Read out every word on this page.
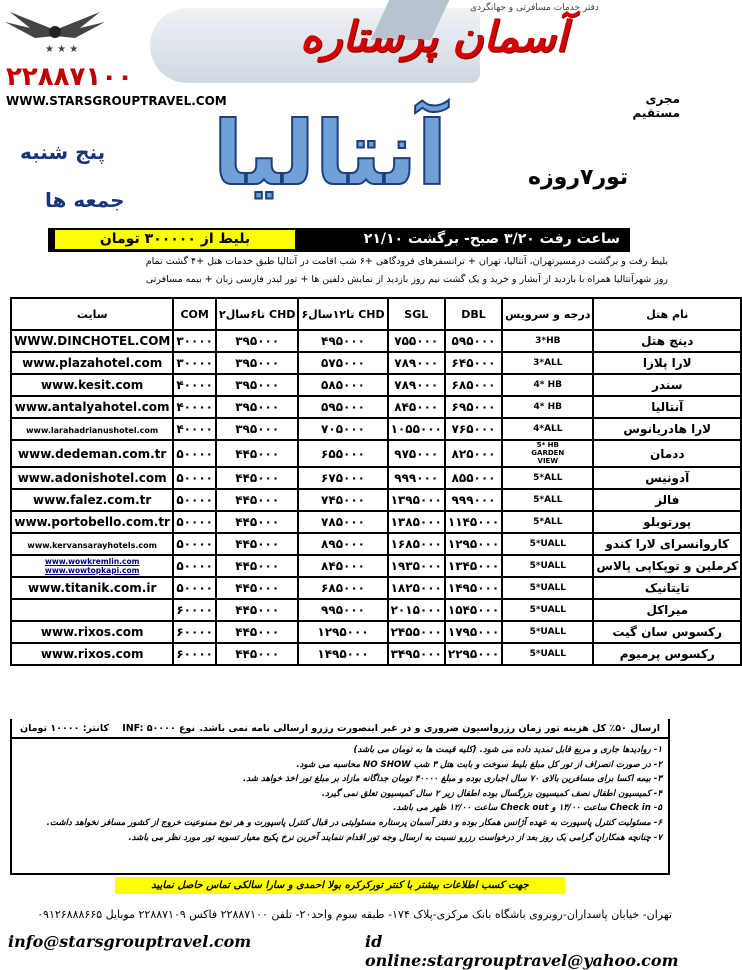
★ ★ ★
دفتر خدمات مسافرتی و جهانگردی
آسمان پرستاره
۲۲۸۸۷۱۰۰
WWW.STARSGROUPTRAVEL.COM	مجری مستقیم
آنتالیا	تور۷روزه
پنج شنبه
جمعه ها
ساعت رفت ۳/۲۰ صبح- برگشت ۲۱/۱۰
بلیط از ۳۰۰۰۰۰ تومان
بلیط رفت و برگشت درمسیرتهران، آنتالیا، تهران + ترانسفرهای فرودگاهی +۶ شب اقامت در آنتالیا طبق خدمات هتل +۴ گشت تمام
روز شهرآنتالیا همراه با بازدید از آبشار و خرید و یک گشت نیم روز بازدید از نمایش دلفین ها + تور لیدر فارسی زبان + بیمه مسافرتی
سایت	COM	۲تا۶سال CHD	۶تا۱۲سال CHD	SGL	DBL	درجه و سرویس	نام هتل
WWW.DINCHOTEL.COM	۳۰۰۰۰	۳۹۵۰۰۰	۴۹۵۰۰۰	۷۵۵۰۰۰	۵۹۵۰۰۰	3*HB	دینچ هتل
www.plazahotel.com	۳۰۰۰۰	۳۹۵۰۰۰	۵۷۵۰۰۰	۷۸۹۰۰۰	۶۴۵۰۰۰	3*ALL	لارا پلازا
www.kesit.com	۴۰۰۰۰	۳۹۵۰۰۰	۵۸۵۰۰۰	۷۸۹۰۰۰	۶۸۵۰۰۰	4* HB	سندر
www.antalyahotel.com	۴۰۰۰۰	۳۹۵۰۰۰	۵۹۵۰۰۰	۸۴۵۰۰۰	۶۹۵۰۰۰	4* HB	آنتالیا
www.larahadrianushotel.com	۴۰۰۰۰	۳۹۵۰۰۰	۷۰۵۰۰۰	۱۰۵۵۰۰۰	۷۶۵۰۰۰	4*ALL	لارا هادریانوس
www.dedeman.com.tr	۵۰۰۰۰	۴۴۵۰۰۰	۶۵۵۰۰۰	۹۷۵۰۰۰	۸۲۵۰۰۰	5* HB GARDEN VIEW	ددمان
www.adonishotel.com	۵۰۰۰۰	۴۴۵۰۰۰	۶۷۵۰۰۰	۹۹۹۰۰۰	۸۵۵۰۰۰	5*ALL	آدونیس
www.falez.com.tr	۵۰۰۰۰	۴۴۵۰۰۰	۷۴۵۰۰۰	۱۳۹۵۰۰۰	۹۹۹۰۰۰	5*ALL	فالز
www.portobello.com.tr	۵۰۰۰۰	۴۴۵۰۰۰	۷۸۵۰۰۰	۱۳۸۵۰۰۰	۱۱۴۵۰۰۰	5*ALL	پورتوبلو
www.kervansarayhotels.com	۵۰۰۰۰	۴۴۵۰۰۰	۸۹۵۰۰۰	۱۶۸۵۰۰۰	۱۲۹۵۰۰۰	5*UALL	کاروانسرای لارا کندو

www.wowkremlin.com
www.wowtopkapi.com	۵۰۰۰۰	۴۴۵۰۰۰	۸۴۵۰۰۰	۱۹۳۵۰۰۰	۱۳۴۵۰۰۰	5*UALL	کرملین و توپکاپی پالاس
www.titanik.com.ir	۵۰۰۰۰	۴۴۵۰۰۰	۶۸۵۰۰۰	۱۸۲۵۰۰۰	۱۴۹۵۰۰۰	5*UALL	تایتانیک
	۶۰۰۰۰	۴۴۵۰۰۰	۹۹۵۰۰۰	۲۰۱۵۰۰۰	۱۵۴۵۰۰۰	5*UALL	میراکل
www.rixos.com	۶۰۰۰۰	۴۴۵۰۰۰	۱۲۹۵۰۰۰	۲۴۵۵۰۰۰	۱۷۹۵۰۰۰	5*UALL	رکسوس سان گیت
www.rixos.com	۶۰۰۰۰	۴۴۵۰۰۰	۱۴۹۵۰۰۰	۳۴۹۵۰۰۰	۲۲۹۵۰۰۰	5*UALL	رکسوس پرمیوم
ارسال ۵۰٪ کل هزینه تور زمان رزرواسیون ضروری و در غیر اینصورت رزرو ارسالی نامه نمی باشد.
نوع INF: ۵۰۰۰۰    کانتر: ۱۰۰۰۰ تومان
۱- روادیدها جاری و مربع قابل تمدید داده می شود. (کلیه قیمت ها به تومان می باشد)
۲- در صورت انصراف از تور کل مبلغ بلیط سوخت و بابت هتل ۳ شب NO SHOW محاسبه می شود.
۳- بیمه اکسا برای مسافرین بالای ۷۰ سال اجباری بوده و مبلغ ۴۰۰۰۰ تومان جداگانه مازاد بر مبلغ تور اخذ خواهد شد.
۴- کمیسیون اطفال نصف کمیسیون بزرگسال بوده اطفال زیر ۲ سال کمیسیون تعلق نمی گیرد.
۵- Check in ساعت ۱۴/۰۰ و Check out ساعت ۱۲/۰۰ ظهر می باشد.
۶- مسئولیت کنترل پاسپورت به عهده آژانس همکار بوده و دفتر آسمان پرستاره مسئولیتی در قبال کنترل پاسپورت و هر نوع ممنوعیت خروج از کشور مسافر نخواهد داشت.
۷- چنانچه همکاران گرامی یک روز بعد از درخواست رزرو نسبت به ارسال وجه تور اقدام ننمایند آخرین نرخ پکیج معیار تسویه تور مورد نظر می باشد.
جهت کسب اطلاعات بیشتر با کنتر تورکرکره بولا احمدی و سارا سالکی تماس حاصل نمایید
تهران- خیابان پاسداران-روبروی باشگاه بانک مرکزی-پلاک ۱۷۴- طبقه سوم واحد۲۰- تلفن ۲۲۸۸۷۱۰۰ فاکس ۲۲۸۸۷۱۰۹ موبایل ۰۹۱۲۶۸۸۸۶۶۵
info@starsgrouptravel.com	id online:stargrouptravel@yahoo.com
